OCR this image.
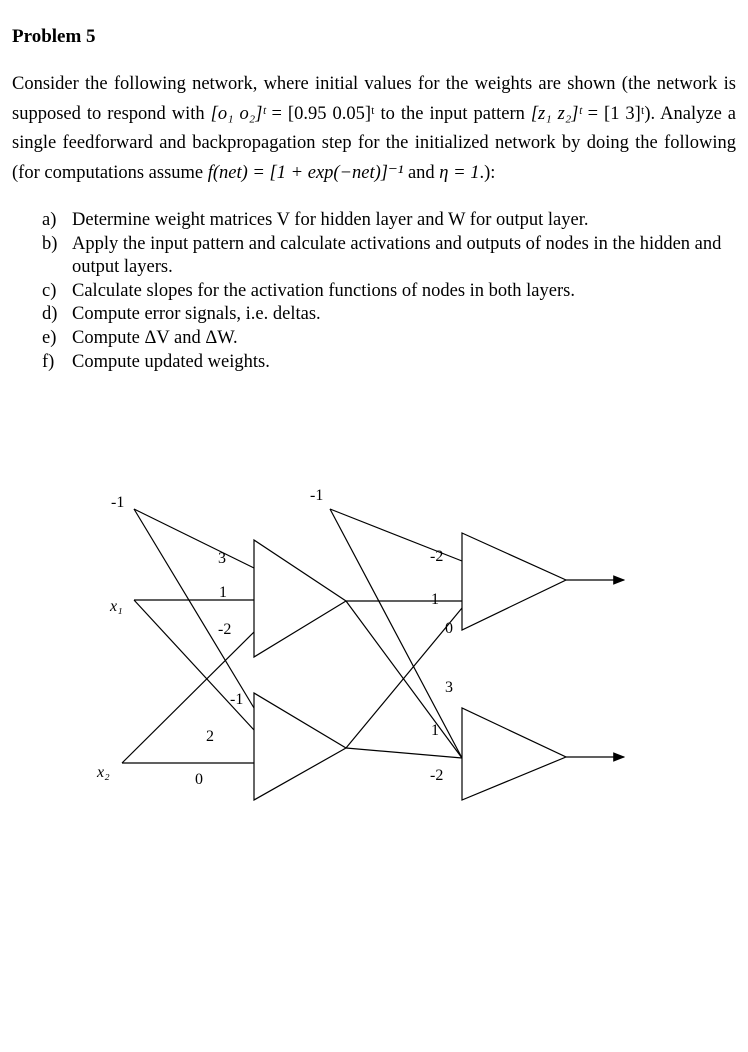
Problem 5
Consider the following network, where initial values for the weights are shown (the network is supposed to respond with [o₁ o₂]ᵗ = [0.95 0.05]ᵗ to the input pattern [z₁ z₂]ᵗ = [1 3]ᵗ). Analyze a single feedforward and backpropagation step for the initialized network by doing the following (for computations assume f(net) = [1 + exp(−net)]⁻¹ and η = 1.):
a) Determine weight matrices V for hidden layer and W for output layer.
b) Apply the input pattern and calculate activations and outputs of nodes in the hidden and output layers.
c) Calculate slopes for the activation functions of nodes in both layers.
d) Compute error signals, i.e. deltas.
e) Compute ΔV and ΔW.
f) Compute updated weights.
-1	-1
x₁
x₂
3
1
-2
-1
2
0
-2
1
0
3
1
-2
